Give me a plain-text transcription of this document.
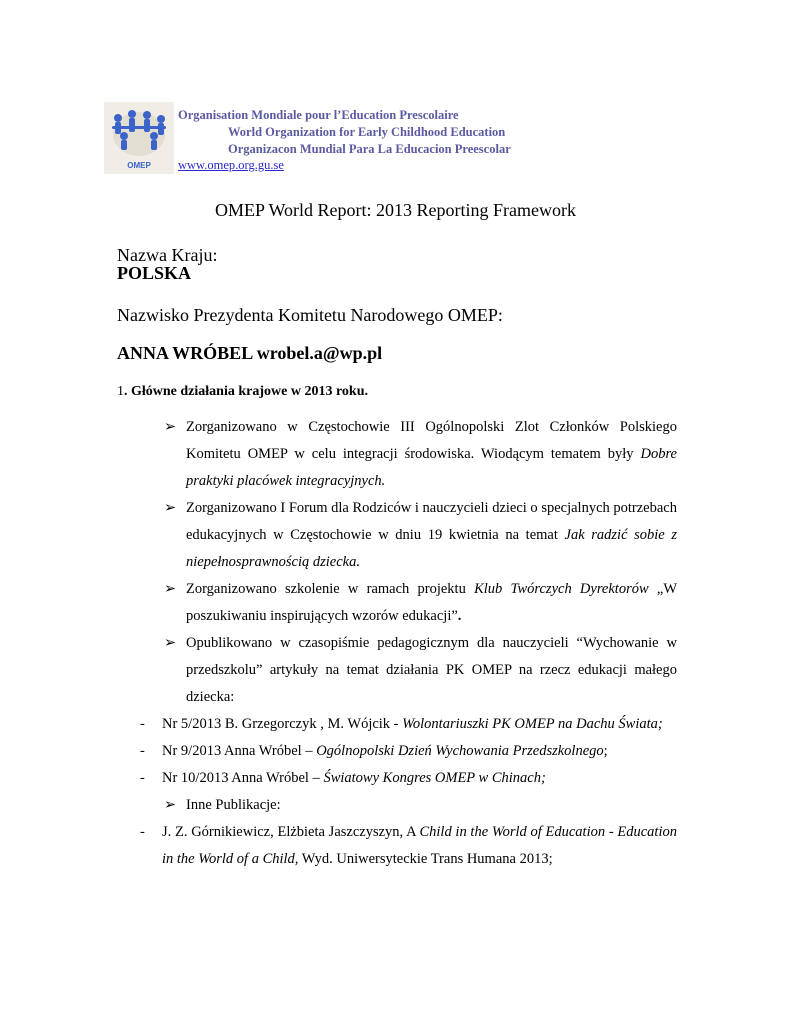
OMEP
Organisation Mondiale pour l’Education Prescolaire
World Organization for Early Childhood Education
Organizacon Mundial Para La Educacion Preescolar
www.omep.org.gu.se
OMEP World Report: 2013 Reporting Framework
Nazwa Kraju:
POLSKA
Nazwisko Prezydenta Komitetu Narodowego OMEP:
ANNA WRÓBEL wrobel.a@wp.pl
1. Główne działania krajowe w 2013 roku.
➢ Zorganizowano w Częstochowie III Ogólnopolski Zlot Członków Polskiego Komitetu OMEP w celu integracji środowiska. Wiodącym tematem były Dobre praktyki placówek integracyjnych.
➢ Zorganizowano I Forum dla Rodziców i nauczycieli dzieci o specjalnych potrzebach edukacyjnych w Częstochowie w dniu 19 kwietnia na temat Jak radzić sobie z niepełnosprawnością dziecka.
➢ Zorganizowano szkolenie w ramach projektu Klub Twórczych Dyrektorów „W poszukiwaniu inspirujących wzorów edukacji”.
➢ Opublikowano w czasopiśmie pedagogicznym dla nauczycieli “Wychowanie w przedszkolu” artykuły na temat działania PK OMEP na rzecz edukacji małego dziecka:
- Nr 5/2013 B. Grzegorczyk , M. Wójcik - Wolontariuszki PK OMEP na Dachu Świata;
- Nr 9/2013 Anna Wróbel – Ogólnopolski Dzień Wychowania Przedszkolnego;
- Nr 10/2013 Anna Wróbel – Światowy Kongres OMEP w Chinach;
➢ Inne Publikacje:
- J. Z. Górnikiewicz, Elżbieta Jaszczyszyn, A Child in the World of Education - Education in the World of a Child, Wyd. Uniwersyteckie Trans Humana 2013;
